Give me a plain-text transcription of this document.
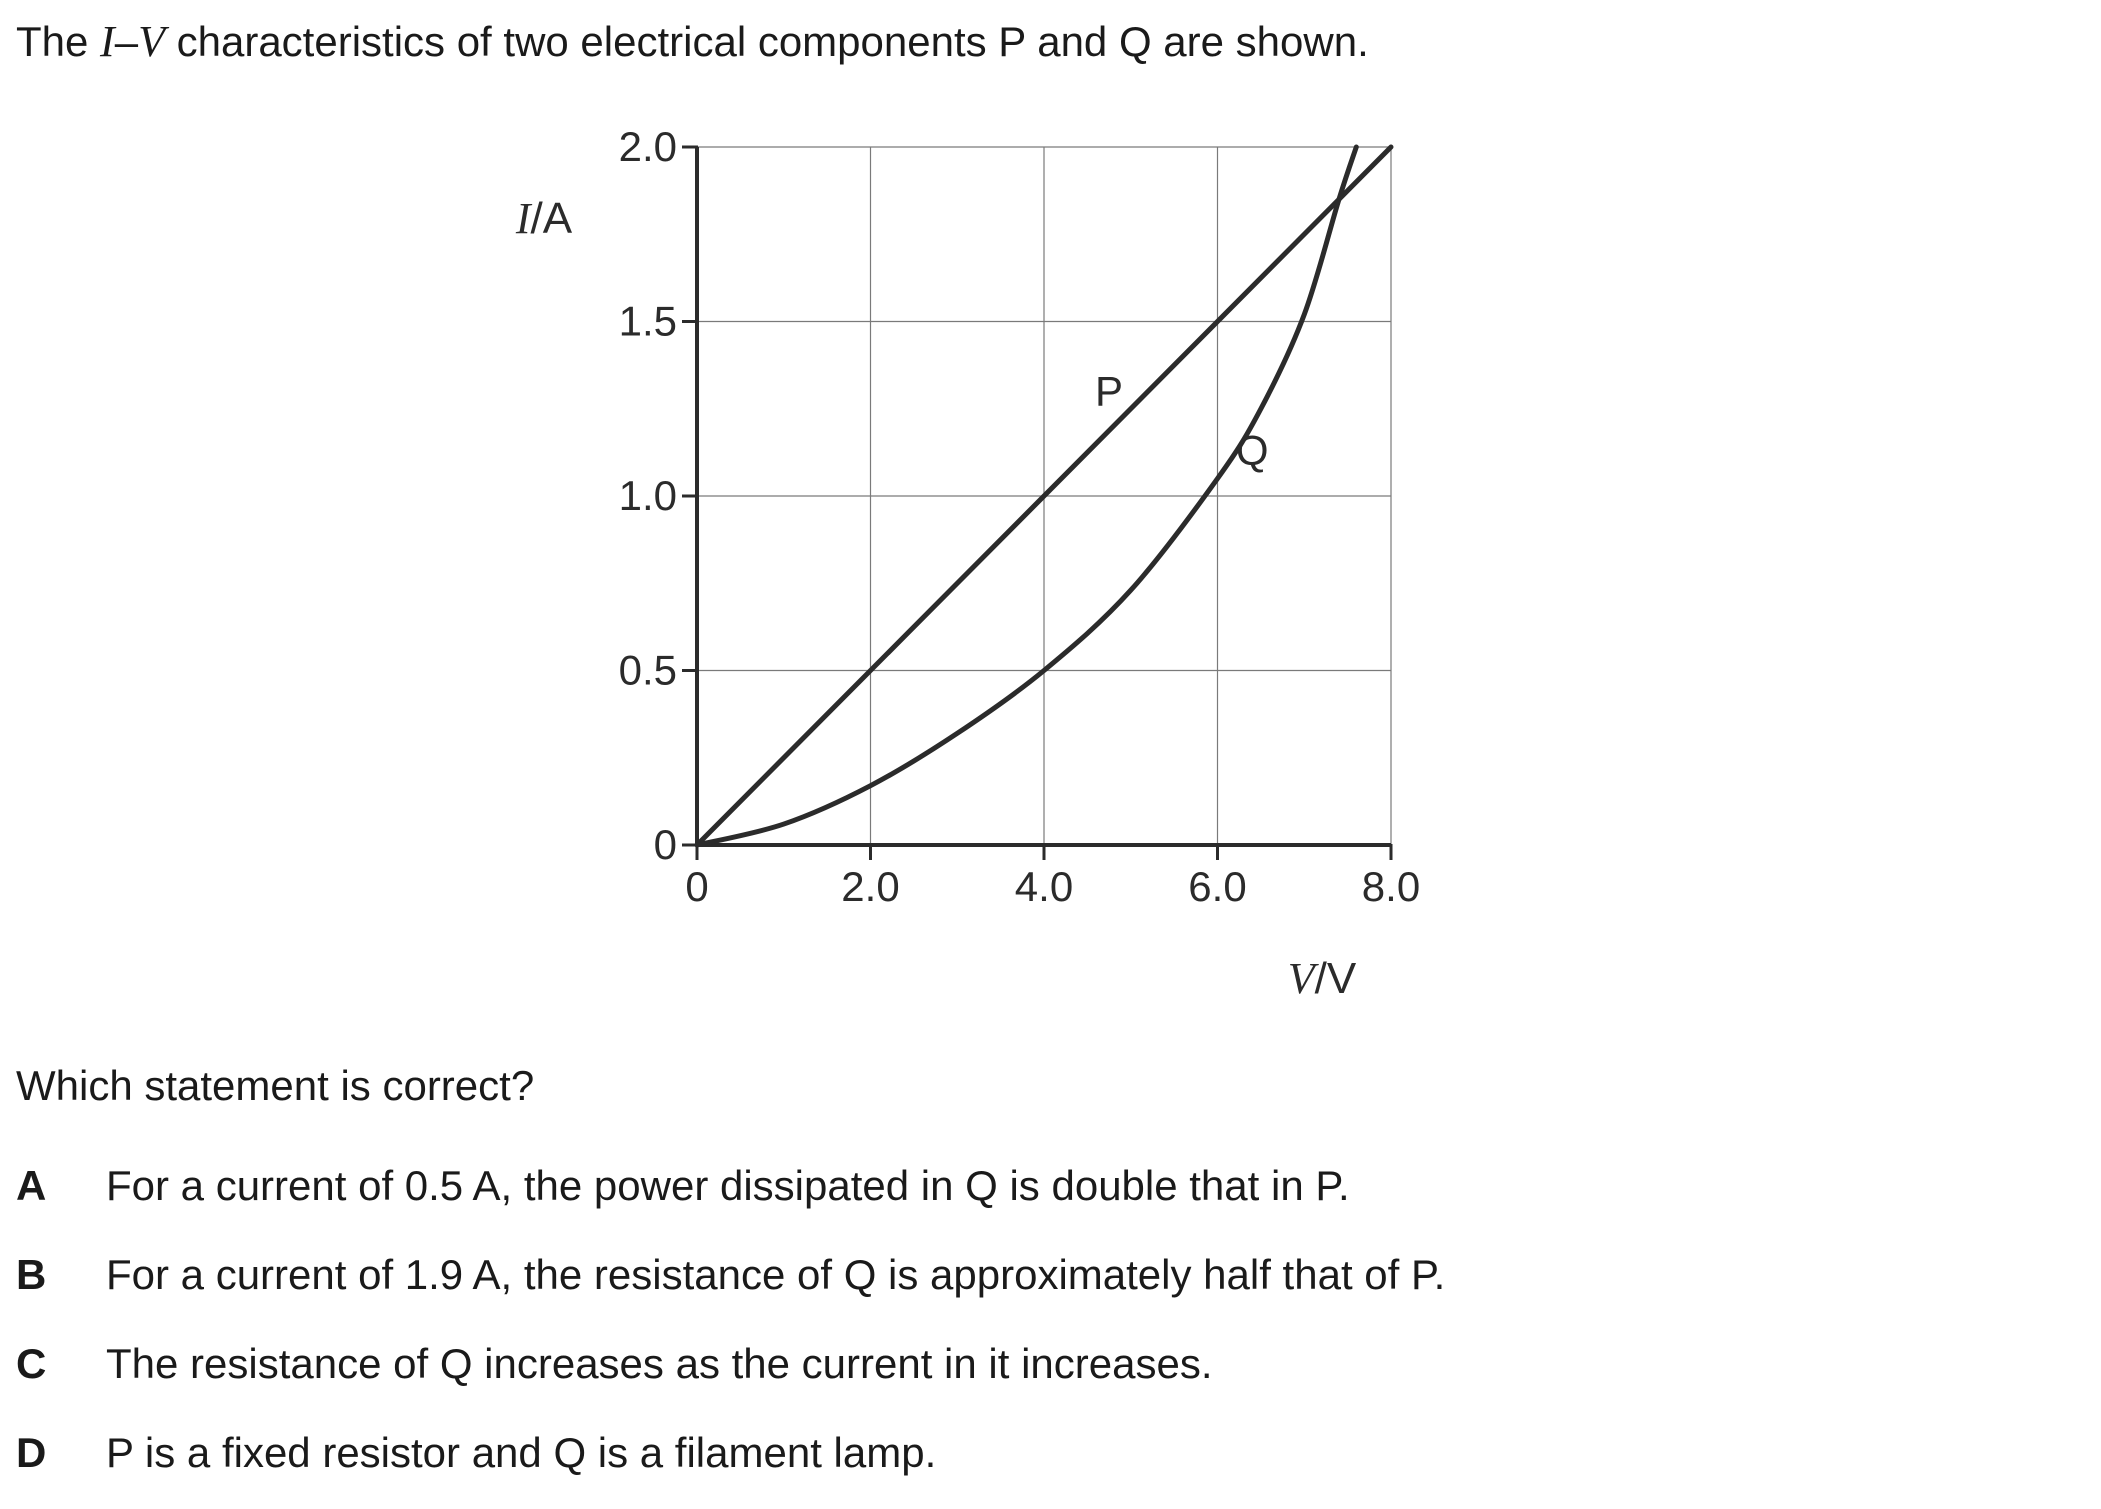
The I–V characteristics of two electrical components P and Q are shown.
0	2.0	4.0	6.0	8.0
0
0.5
1.0
1.5
2.0
P
Q
I/A
V/V
Which statement is correct?
A For a current of 0.5 A, the power dissipated in Q is double that in P.
B For a current of 1.9 A, the resistance of Q is approximately half that of P.
C The resistance of Q increases as the current in it increases.
D P is a fixed resistor and Q is a filament lamp.
